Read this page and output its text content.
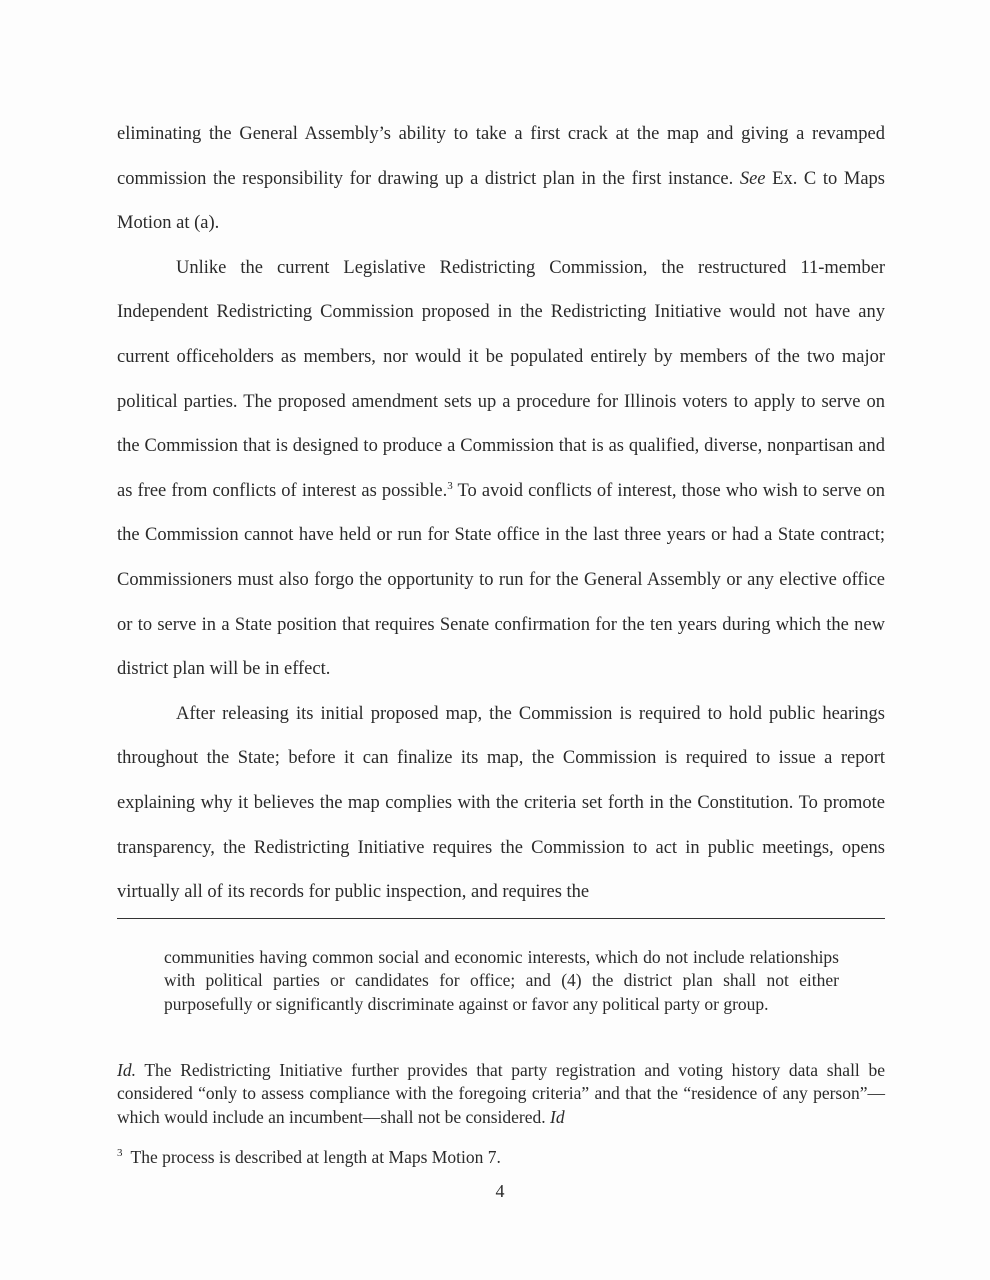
eliminating the General Assembly’s ability to take a first crack at the map and giving a revamped commission the responsibility for drawing up a district plan in the first instance. See Ex. C to Maps Motion at (a).

Unlike the current Legislative Redistricting Commission, the restructured 11-member Independent Redistricting Commission proposed in the Redistricting Initiative would not have any current officeholders as members, nor would it be populated entirely by members of the two major political parties. The proposed amendment sets up a procedure for Illinois voters to apply to serve on the Commission that is designed to produce a Commission that is as qualified, diverse, nonpartisan and as free from conflicts of interest as possible.$^3$ To avoid conflicts of interest, those who wish to serve on the Commission cannot have held or run for State office in the last three years or had a State contract; Commissioners must also forgo the opportunity to run for the General Assembly or any elective office or to serve in a State position that requires Senate confirmation for the ten years during which the new district plan will be in effect.

After releasing its initial proposed map, the Commission is required to hold public hearings throughout the State; before it can finalize its map, the Commission is required to issue a report explaining why it believes the map complies with the criteria set forth in the Constitution. To promote transparency, the Redistricting Initiative requires the Commission to act in public meetings, opens virtually all of its records for public inspection, and requires the

communities having common social and economic interests, which do not include relationships with political parties or candidates for office; and (4) the district plan shall not either purposefully or significantly discriminate against or favor any political party or group.
Id. The Redistricting Initiative further provides that party registration and voting history data shall be considered “only to assess compliance with the foregoing criteria” and that the “residence of any person”—which would include an incumbent—shall not be considered. Id
$^3$ The process is described at length at Maps Motion 7.
4
